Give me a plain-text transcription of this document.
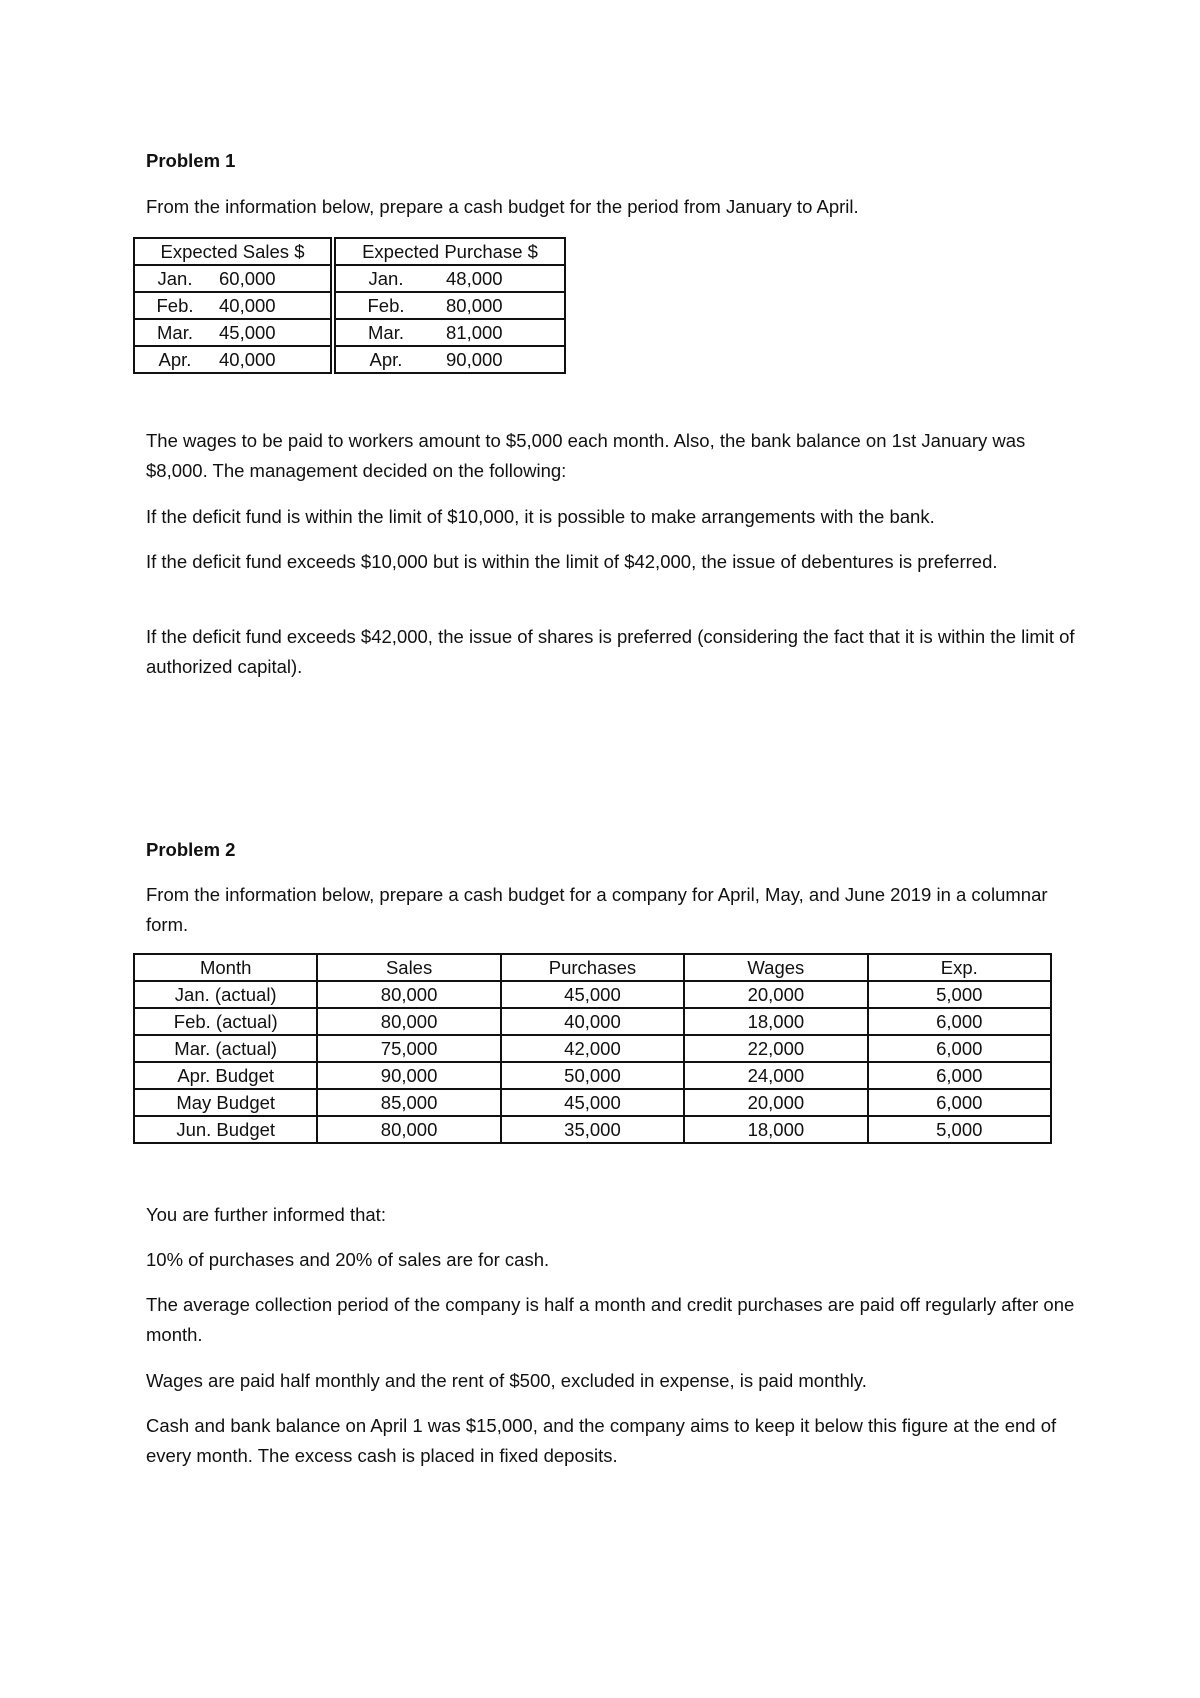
Problem 1

From the information below, prepare a cash budget for the period from January to April.

Expected Sales $		Expected Purchase $

Jan. 60,000		Jan. 48,000

Feb. 40,000		Feb. 80,000

Mar. 45,000		Mar. 81,000

Apr. 40,000		Apr. 90,000

The wages to be paid to workers amount to $5,000 each month. Also, the bank balance on 1st January was $8,000. The management decided on the following:

If the deficit fund is within the limit of $10,000, it is possible to make arrangements with the bank.

If the deficit fund exceeds $10,000 but is within the limit of $42,000, the issue of debentures is preferred.

If the deficit fund exceeds $42,000, the issue of shares is preferred (considering the fact that it is within the limit of authorized capital).

Problem 2

From the information below, prepare a cash budget for a company for April, May, and June 2019 in a columnar form.

Month	Sales	Purchases	Wages	Exp.
Jan. (actual)	80,000	45,000	20,000	5,000
Feb. (actual)	80,000	40,000	18,000	6,000
Mar. (actual)	75,000	42,000	22,000	6,000
Apr. Budget	90,000	50,000	24,000	6,000
May Budget	85,000	45,000	20,000	6,000
Jun. Budget	80,000	35,000	18,000	5,000

You are further informed that:

10% of purchases and 20% of sales are for cash.

The average collection period of the company is half a month and credit purchases are paid off regularly after one month.

Wages are paid half monthly and the rent of $500, excluded in expense, is paid monthly.

Cash and bank balance on April 1 was $15,000, and the company aims to keep it below this figure at the end of every month. The excess cash is placed in fixed deposits.
